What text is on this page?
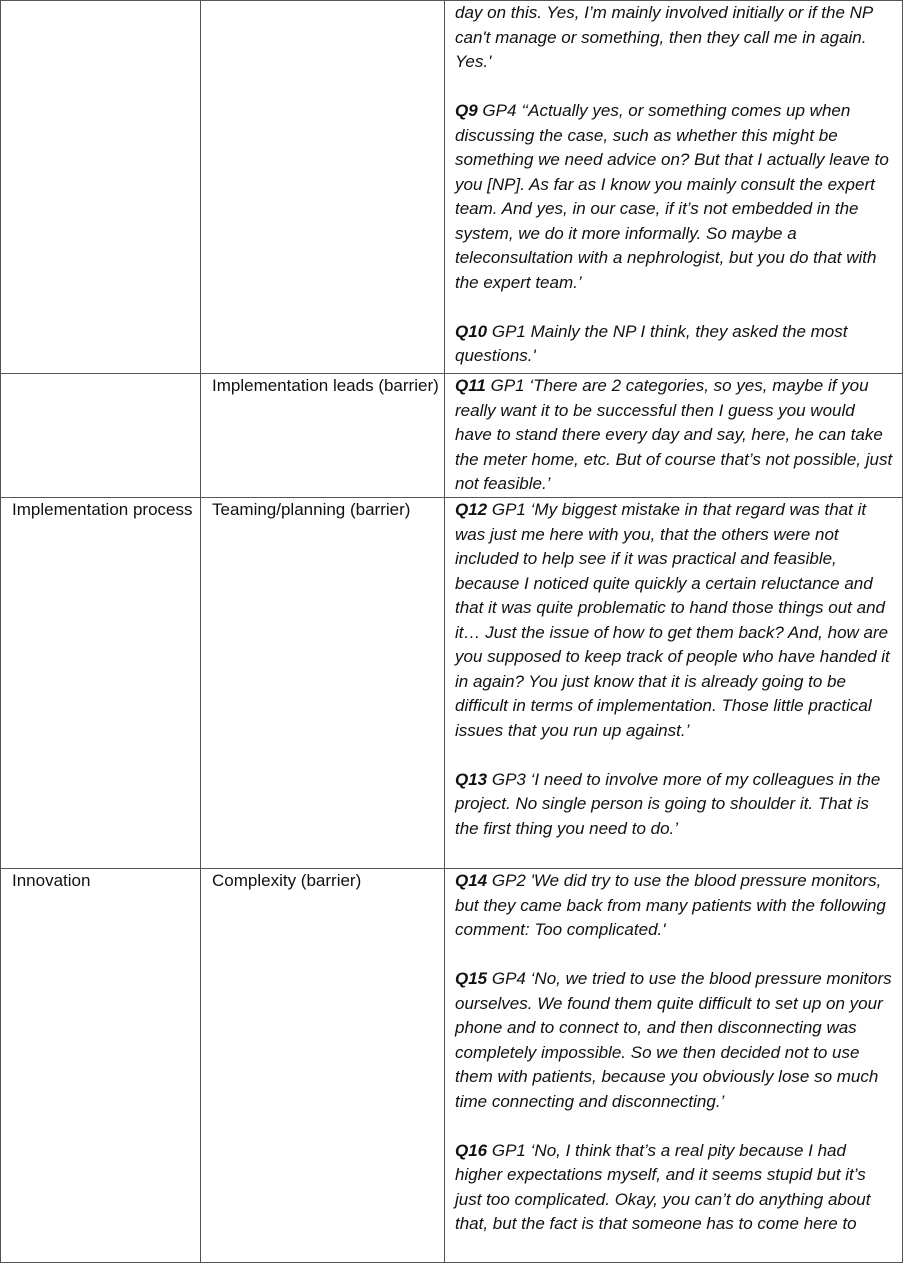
		day on this. Yes, I’m mainly involved initially or if the NP can't manage or something, then they call me in again. Yes.'
Q9 GP4 ‘‘Actually yes, or something comes up when discussing the case, such as whether this might be something we need advice on? But that I actually leave to you [NP]. As far as I know you mainly consult the expert team. And yes, in our case, if it’s not embedded in the system, we do it more informally. So maybe a teleconsultation with a nephrologist, but you do that with the expert team.’
Q10 GP1 Mainly the NP I think, they asked the most questions.'

	Implementation leads (barrier)	Q11 GP1 ‘There are 2 categories, so yes, maybe if you really want it to be successful then I guess you would have to stand there every day and say, here, he can take the meter home, etc. But of course that’s not possible, just not feasible.’

Implementation process	Teaming/planning (barrier)	Q12 GP1 ‘My biggest mistake in that regard was that it was just me here with you, that the others were not included to help see if it was practical and feasible, because I noticed quite quickly a certain reluctance and that it was quite problematic to hand those things out and it… Just the issue of how to get them back? And, how are you supposed to keep track of people who have handed it in again? You just know that it is already going to be difficult in terms of implementation. Those little practical issues that you run up against.’
Q13 GP3 ‘I need to involve more of my colleagues in the project. No single person is going to shoulder it. That is the first thing you need to do.’

Innovation	Complexity (barrier)	Q14 GP2 'We did try to use the blood pressure monitors, but they came back from many patients with the following comment: Too complicated.'
Q15 GP4 ‘No, we tried to use the blood pressure monitors ourselves. We found them quite difficult to set up on your phone and to connect to, and then disconnecting was completely impossible. So we then decided not to use them with patients, because you obviously lose so much time connecting and disconnecting.’
Q16 GP1 ‘No, I think that’s a real pity because I had higher expectations myself, and it seems stupid but it’s just too complicated. Okay, you can’t do anything about that, but the fact is that someone has to come here to
